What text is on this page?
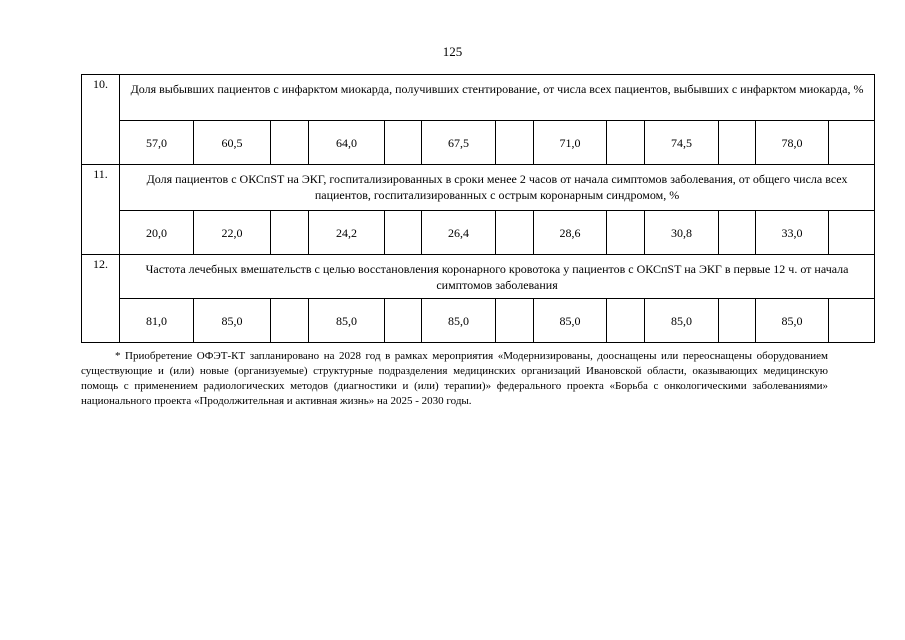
125
10.	Доля выбывших пациентов с инфарктом миокарда, получивших стентирование, от числа всех пациентов, выбывших с инфарктом миокарда, %												
	57,0	60,5		64,0		67,5		71,0		74,5		78,0	
11.	Доля пациентов с ОКСпST на ЭКГ, госпитализированных в сроки менее 2 часов от начала симптомов заболевания, от общего числа всех пациентов, госпитализированных с острым коронарным синдромом, %												
	20,0	22,0		24,2		26,4		28,6		30,8		33,0	
12.	Частота лечебных вмешательств с целью восстановления коронарного кровотока у пациентов с ОКСпST на ЭКГ в первые 12 ч. от начала симптомов заболевания												
	81,0	85,0		85,0		85,0		85,0		85,0		85,0	
* Приобретение ОФЭТ-КТ запланировано на 2028 год в рамках мероприятия «Модернизированы, дооснащены или переоснащены оборудованием существующие и (или) новые (организуемые) структурные подразделения медицинских организаций Ивановской области, оказывающих медицинскую помощь с применением радиологических методов (диагностики и (или) терапии)» федерального проекта «Борьба с онкологическими заболеваниями» национального проекта «Продолжительная и активная жизнь» на 2025 - 2030 годы.
